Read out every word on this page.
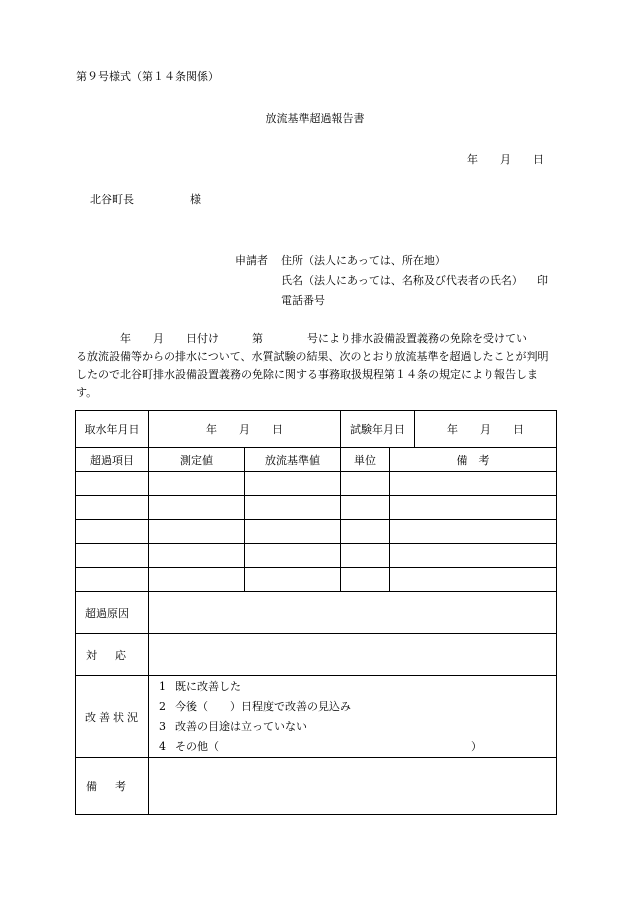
第９号様式（第１４条関係）
放流基準超過報告書
年　　月　　日
北谷町長	様
申請者 住所（法人にあっては、所在地）
氏名（法人にあっては、名称及び代表者の氏名） 印
電話番号
　　　　年　　月　　日付け　　　第　　　　号により排水設備設置義務の免除を受けてい
る放流設備等からの排水について、水質試験の結果、次のとおり放流基準を超過したことが判明
したので北谷町排水設備設置義務の免除に関する事務取扱規程第１４条の規定により報告しま
す。
取水年月日	年　　月　　日		試験年月日 年　　月　　日	

超過項目	測定値	放流基準値	単位	備　考

超過原因				

対 応				

改善状況	1 既に改善した
2 今後（　　）日程度で改善の見込み
3 改善の目途は立っていない
4 その他（ ）			

備 考				
